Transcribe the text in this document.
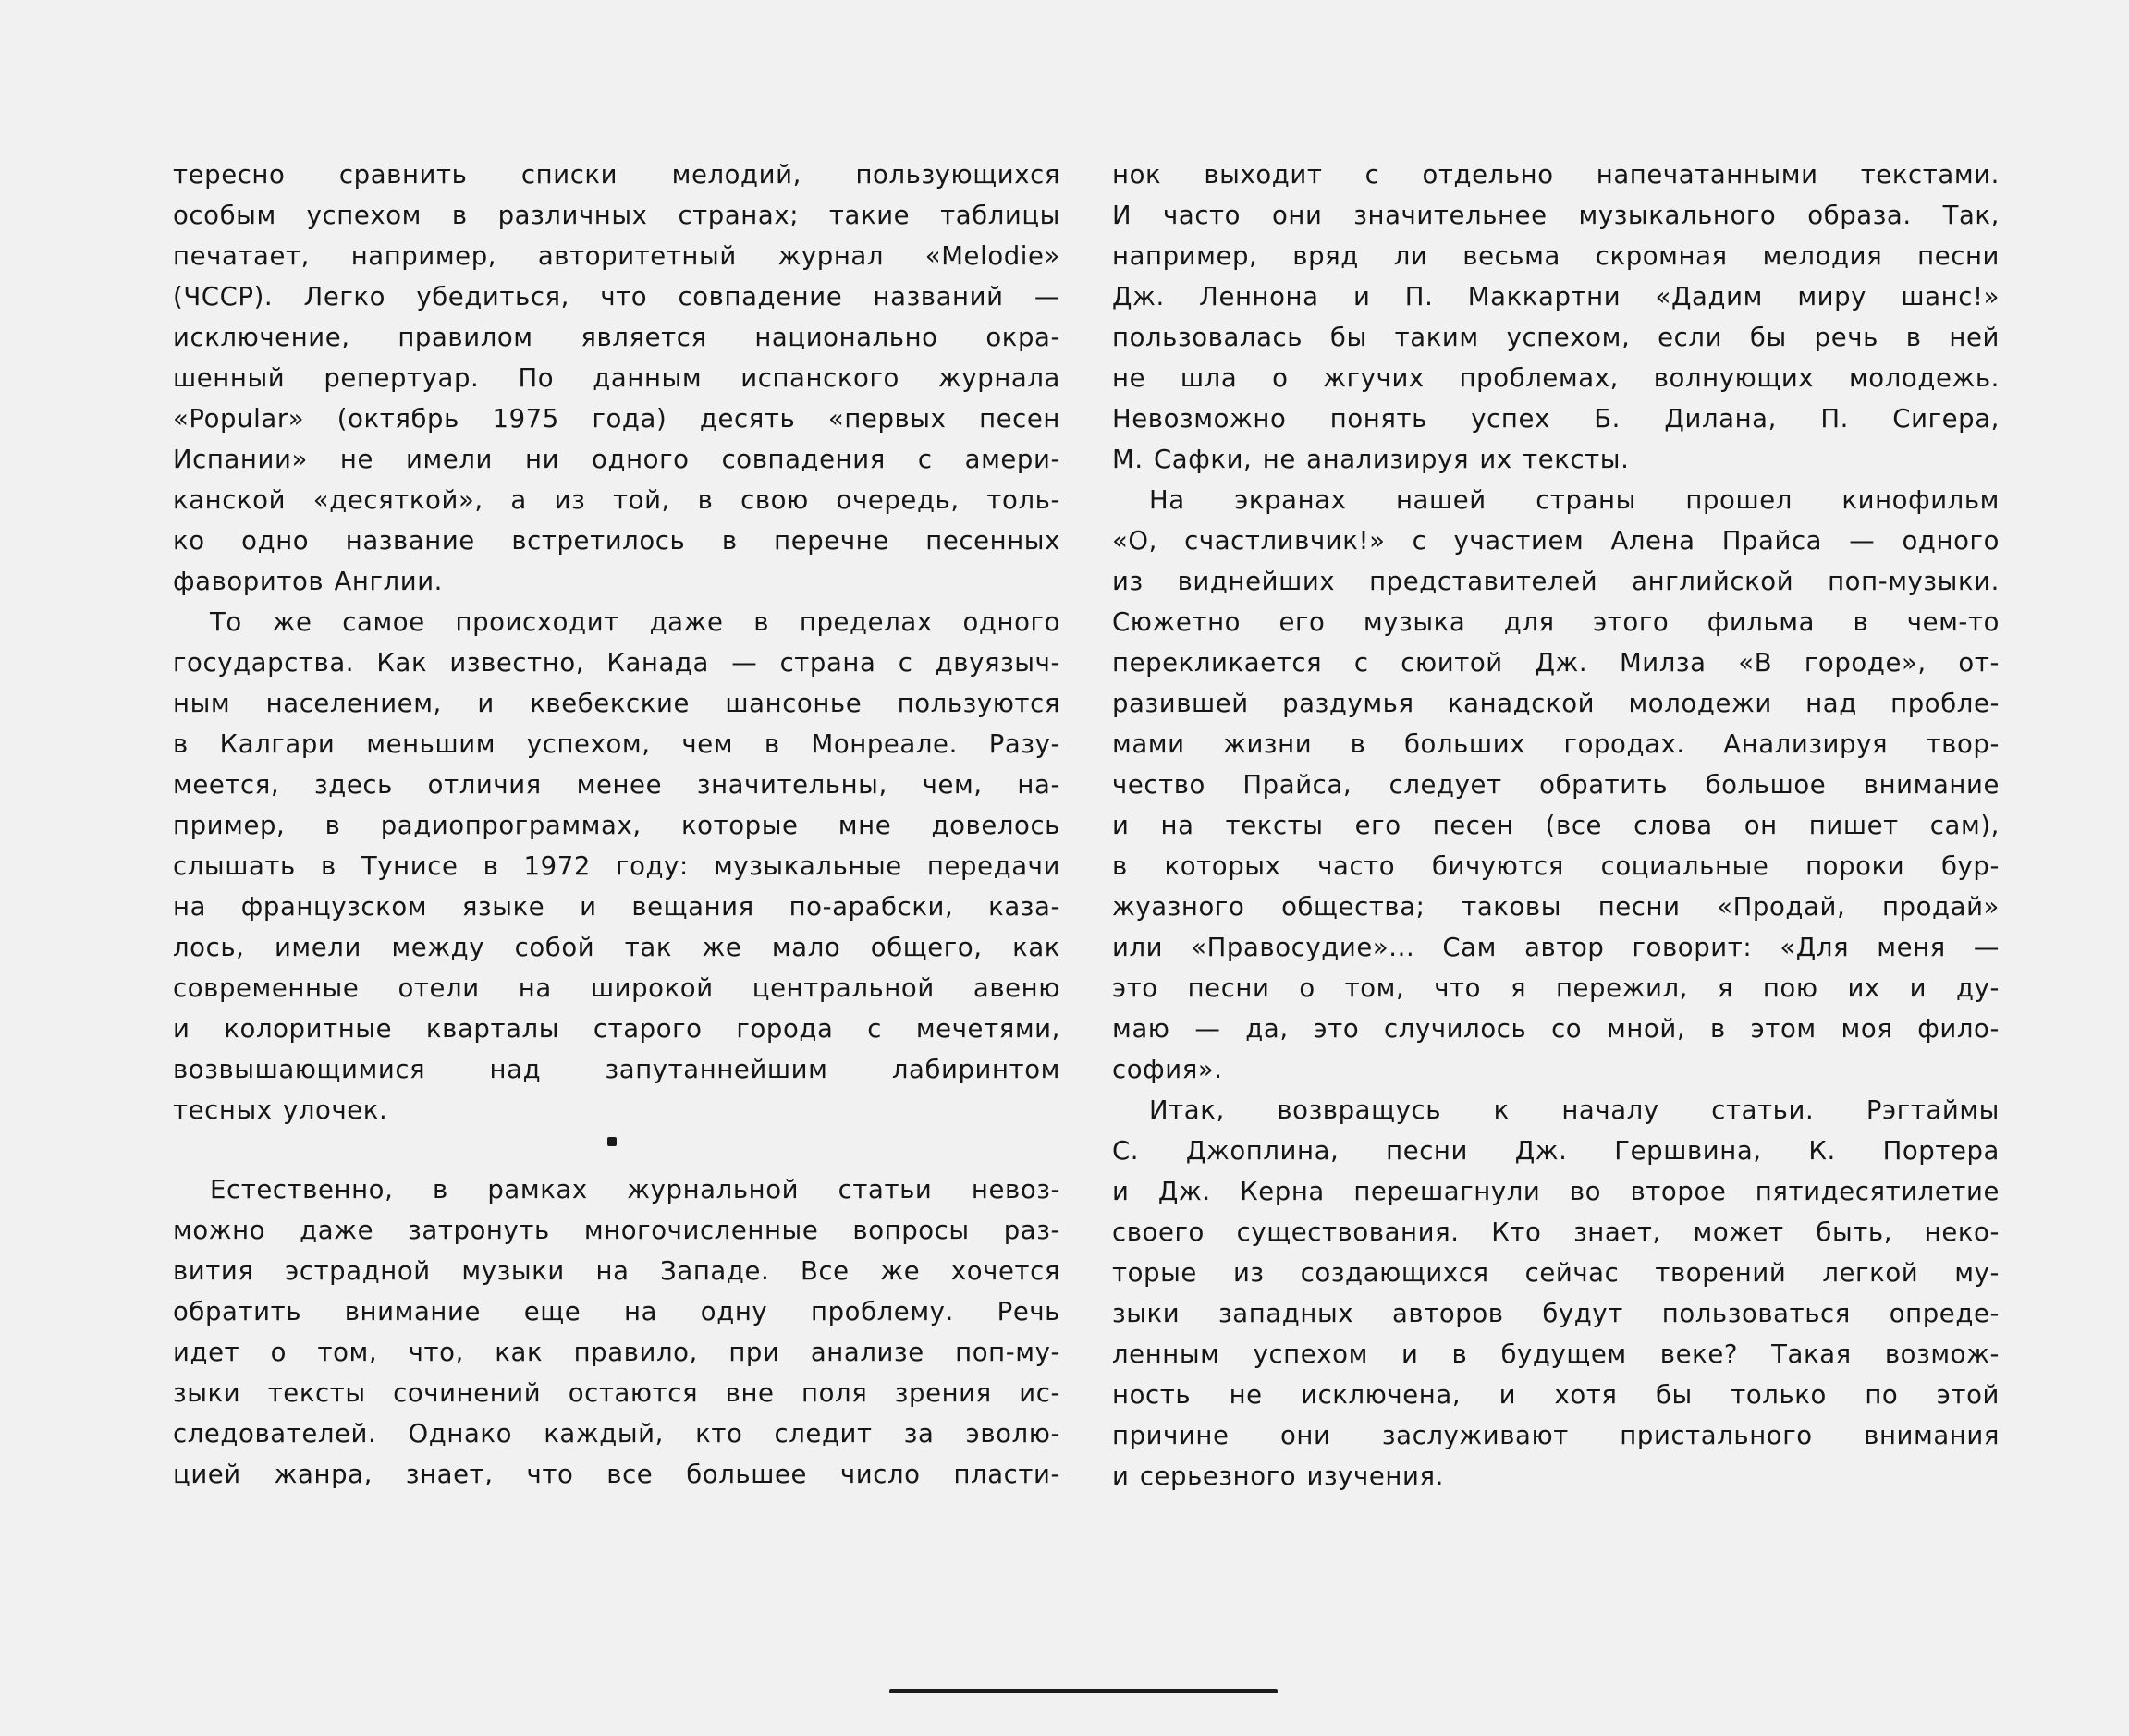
тересно сравнить списки мелодий, пользующихся
особым успехом в различных странах; такие таблицы
печатает, например, авторитетный журнал «Melodie»
(ЧССР). Легко убедиться, что совпадение названий —
исключение, правилом является национально окра-
шенный репертуар. По данным испанского журнала
«Popular» (октябрь 1975 года) десять «первых песен
Испании» не имели ни одного совпадения с амери-
канской «десяткой», а из той, в свою очередь, толь-
ко одно название встретилось в перечне песенных
фаворитов Англии.
То же самое происходит даже в пределах одного
государства. Как известно, Канада — страна с двуязыч-
ным населением, и квебекские шансонье пользуются
в Калгари меньшим успехом, чем в Монреале. Разу-
меется, здесь отличия менее значительны, чем, на-
пример, в радиопрограммах, которые мне довелось
слышать в Тунисе в 1972 году: музыкальные передачи
на французском языке и вещания по-арабски, каза-
лось, имели между собой так же мало общего, как
современные отели на широкой центральной авеню
и колоритные кварталы старого города с мечетями,
возвышающимися над запутаннейшим лабиринтом
тесных улочек.
Естественно, в рамках журнальной статьи невоз-
можно даже затронуть многочисленные вопросы раз-
вития эстрадной музыки на Западе. Все же хочется
обратить внимание еще на одну проблему. Речь
идет о том, что, как правило, при анализе поп-му-
зыки тексты сочинений остаются вне поля зрения ис-
следователей. Однако каждый, кто следит за эволю-
цией жанра, знает, что все большее число пласти-
нок выходит с отдельно напечатанными текстами.
И часто они значительнее музыкального образа. Так,
например, вряд ли весьма скромная мелодия песни
Дж. Леннона и П. Маккартни «Дадим миру шанс!»
пользовалась бы таким успехом, если бы речь в ней
не шла о жгучих проблемах, волнующих молодежь.
Невозможно понять успех Б. Дилана, П. Сигера,
М. Сафки, не анализируя их тексты.
На экранах нашей страны прошел кинофильм
«О, счастливчик!» с участием Алена Прайса — одного
из виднейших представителей английской поп-музыки.
Сюжетно его музыка для этого фильма в чем-то
перекликается с сюитой Дж. Милза «В городе», от-
разившей раздумья канадской молодежи над пробле-
мами жизни в больших городах. Анализируя твор-
чество Прайса, следует обратить большое внимание
и на тексты его песен (все слова он пишет сам),
в которых часто бичуются социальные пороки бур-
жуазного общества; таковы песни «Продай, продай»
или «Правосудие»... Сам автор говорит: «Для меня —
это песни о том, что я пережил, я пою их и ду-
маю — да, это случилось со мной, в этом моя фило-
софия».
Итак, возвращусь к началу статьи. Рэгтаймы
С. Джоплина, песни Дж. Гершвина, К. Портера
и Дж. Керна перешагнули во второе пятидесятилетие
своего существования. Кто знает, может быть, неко-
торые из создающихся сейчас творений легкой му-
зыки западных авторов будут пользоваться опреде-
ленным успехом и в будущем веке? Такая возмож-
ность не исключена, и хотя бы только по этой
причине они заслуживают пристального внимания
и серьезного изучения.
